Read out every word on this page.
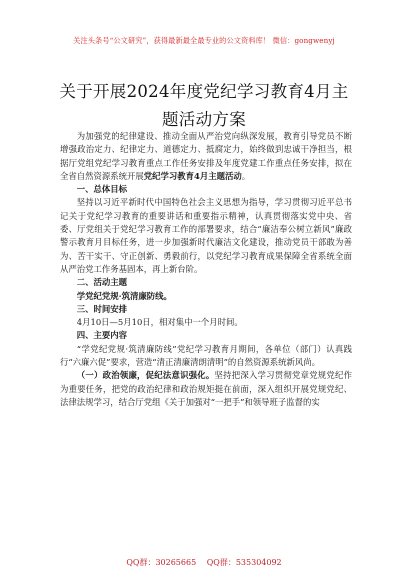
关注头条号“公文研究”，获得最新最全最专业的公文资料库！ 微信：gongwenyj
关于开展2024年度党纪学习教育4月主
题活动方案

为加强党的纪律建设、推动全面从严治党向纵深发展，教育引导党员不断增强政治定力、纪律定力、道德定力、抵腐定力，始终做到忠诚干净担当，根据厅党组党纪学习教育重点工作任务安排及年度党建工作重点任务安排，拟在全省自然资源系统开展党纪学习教育4月主题活动。

一、总体目标

坚持以习近平新时代中国特色社会主义思想为指导，学习贯彻习近平总书记关于党纪学习教育的重要讲话和重要指示精神，认真贯彻落实党中央、省委、厅党组关于党纪学习教育工作的部署要求，结合“廉洁奉公树立新风”廉政警示教育月目标任务，进一步加强新时代廉洁文化建设，推动党员干部敢为善为、苦干实干、守正创新、勇毅前行，以党纪学习教育成果保障全省系统全面从严治党工作务基固本，再上新台阶。

二、活动主题

学党纪党规·筑清廉防线。

三、时间安排

4月10日—5月10日，相对集中一个月时间。

四、主要内容

“学党纪党规·筑清廉防线”党纪学习教育月期间，各单位（部门）认真践行“六廉六促”要求，营造“清正清廉清朗清明”的自然资源系统新风尚。

（一）政治领廉，促纪法意识强化。坚持把深入学习贯彻党章党规党纪作为重要任务，把党的政治纪律和政治规矩挺在前面，深入组织开展党规党纪、法律法规学习，结合厅党组《关于加强对“一把手”和领导班子监督的实

QQ群：30265665 QQ群：535304092
